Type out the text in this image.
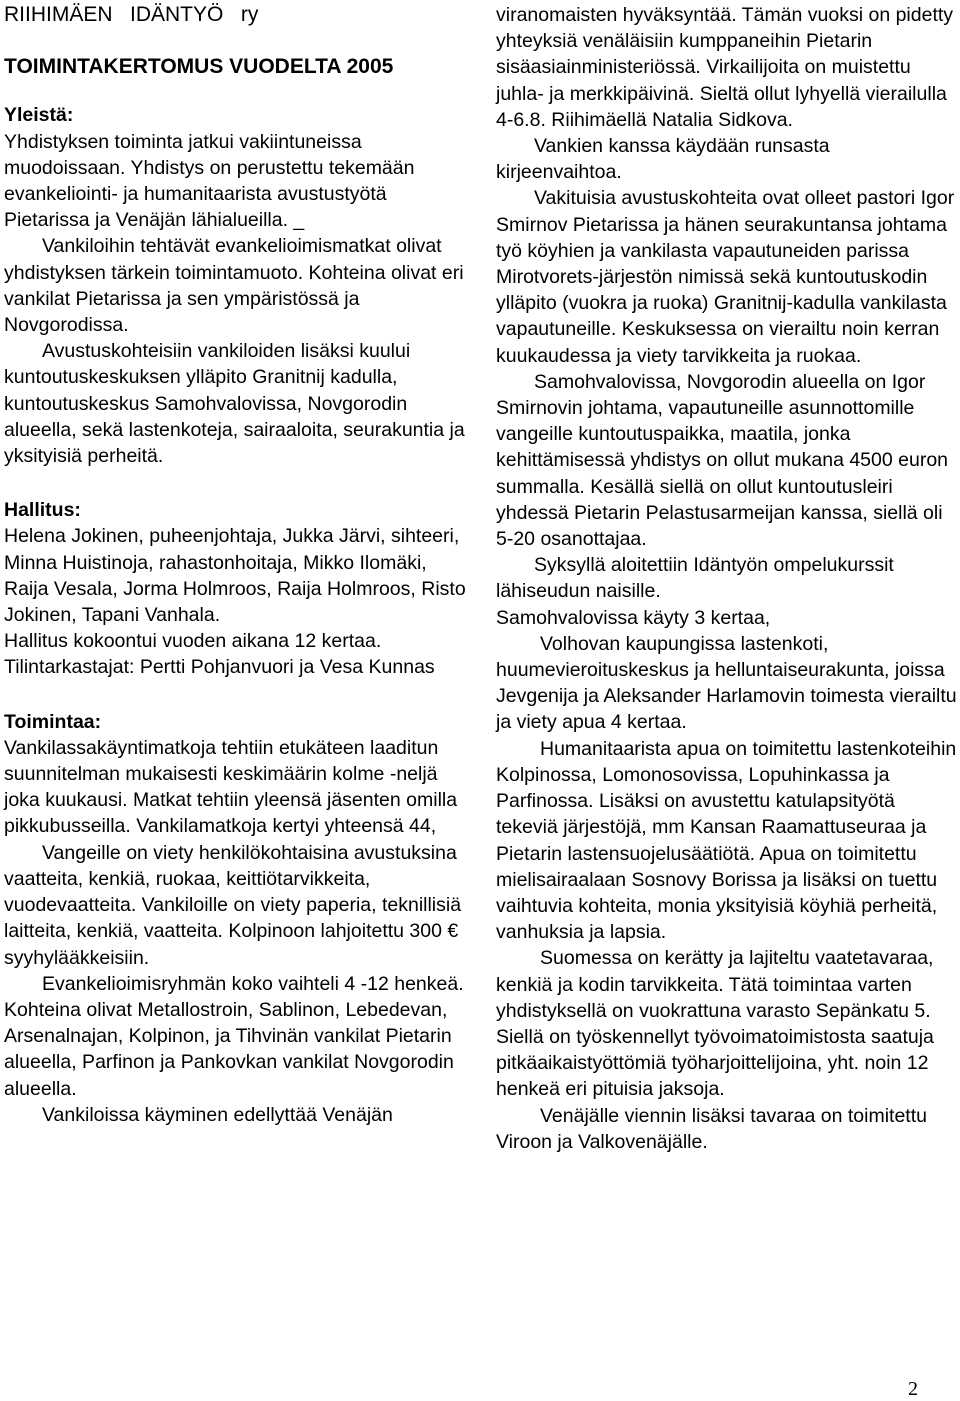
RIIHIMÄEN   IDÄNTYÖ   ry

TOIMINTAKERTOMUS VUODELTA 2005

Yleistä:

Yhdistyksen toiminta jatkui vakiintuneissa muodoissaan. Yhdistys on perustettu tekemään evankeliointi- ja humanitaarista avustustyötä Pietarissa ja Venäjän lähialueilla. _

Vankiloihin tehtävät evankelioimismatkat olivat yhdistyksen tärkein toimintamuoto. Kohteina olivat eri vankilat Pietarissa ja sen ympäristössä ja Novgorodissa.

Avustuskohteisiin vankiloiden lisäksi kuului kuntoutuskeskuksen ylläpito Granitnij kadulla, kuntoutuskeskus Samohvalovissa, Novgorodin alueella, sekä lastenkoteja, sairaaloita, seurakuntia ja yksityisiä perheitä.

Hallitus:

Helena Jokinen, puheenjohtaja, Jukka Järvi, sihteeri, Minna Huistinoja, rahastonhoitaja, Mikko Ilomäki, Raija Vesala, Jorma Holmroos, Raija Holmroos, Risto Jokinen, Tapani Vanhala.

Hallitus kokoontui vuoden aikana 12 kertaa.

Tilintarkastajat: Pertti Pohjanvuori ja Vesa Kunnas

Toimintaa:

Vankilassakäyntimatkoja tehtiin etukäteen laaditun suunnitelman mukaisesti keskimäärin kolme -neljä joka kuukausi. Matkat tehtiin yleensä jäsenten omilla pikkubusseilla. Vankilamatkoja kertyi yhteensä 44,

Vangeille on viety henkilökohtaisina avustuksina vaatteita, kenkiä, ruokaa, keittiötarvikkeita, vuodevaatteita. Vankiloille on viety paperia, teknillisiä laitteita, kenkiä, vaatteita. Kolpinoon lahjoitettu 300 € syyhylääkkeisiin.

Evankelioimisryhmän koko vaihteli 4 -12 henkeä. Kohteina olivat Metallostroin, Sablinon, Lebedevan, Arsenalnajan, Kolpinon, ja Tihvinän vankilat Pietarin alueella, Parfinon ja Pankovkan vankilat Novgorodin alueella.

Vankiloissa käyminen edellyttää Venäjän

viranomaisten hyväksyntää. Tämän vuoksi on pidetty yhteyksiä venäläisiin kumppaneihin Pietarin sisäasiainministeriössä. Virkailijoita on muistettu juhla- ja merkkipäivinä. Sieltä ollut lyhyellä vierailulla 4-6.8. Riihimäellä Natalia Sidkova.

Vankien kanssa käydään runsasta kirjeenvaihtoa.

Vakituisia avustuskohteita ovat olleet pastori Igor Smirnov Pietarissa ja hänen seurakuntansa johtama työ köyhien ja vankilasta vapautuneiden parissa Mirotvorets-järjestön nimissä sekä kuntoutuskodin ylläpito (vuokra ja ruoka) Granitnij-kadulla vankilasta vapautuneille. Keskuksessa on vierailtu noin kerran kuukaudessa ja viety tarvikkeita ja ruokaa.

Samohvalovissa, Novgorodin alueella on Igor Smirnovin johtama, vapautuneille asunnottomille vangeille kuntoutuspaikka, maatila, jonka kehittämisessä yhdistys on ollut mukana 4500 euron summalla. Kesällä siellä on ollut kuntoutusleiri yhdessä Pietarin Pelastusarmeijan kanssa, siellä oli 5-20 osanottajaa.

Syksyllä aloitettiin Idäntyön ompelukurssit lähiseudun naisille.

Samohvalovissa käyty 3 kertaa,

Volhovan kaupungissa lastenkoti, huumevieroituskeskus ja helluntaiseurakunta, joissa Jevgenija ja Aleksander Harlamovin toimesta vierailtu ja viety apua 4 kertaa.

Humanitaarista apua on toimitettu lastenkoteihin Kolpinossa, Lomonosovissa, Lopuhinkassa ja Parfinossa. Lisäksi on avustettu katulapsityötä tekeviä järjestöjä, mm Kansan Raamattuseuraa ja Pietarin lastensuojelusäätiötä. Apua on toimitettu mielisairaalaan Sosnovy Borissa ja lisäksi on tuettu vaihtuvia kohteita, monia yksityisiä köyhiä perheitä, vanhuksia ja lapsia.

Suomessa on kerätty ja lajiteltu vaatetavaraa, kenkiä ja kodin tarvikkeita. Tätä toimintaa varten yhdistyksellä on vuokrattuna varasto Sepänkatu 5. Siellä on työskennellyt työvoimatoimistosta saatuja pitkäaikaistyöttömiä työharjoittelijoina, yht. noin 12 henkeä eri pituisia jaksoja.

Venäjälle viennin lisäksi tavaraa on toimitettu Viroon ja Valkovenäjälle.

2
